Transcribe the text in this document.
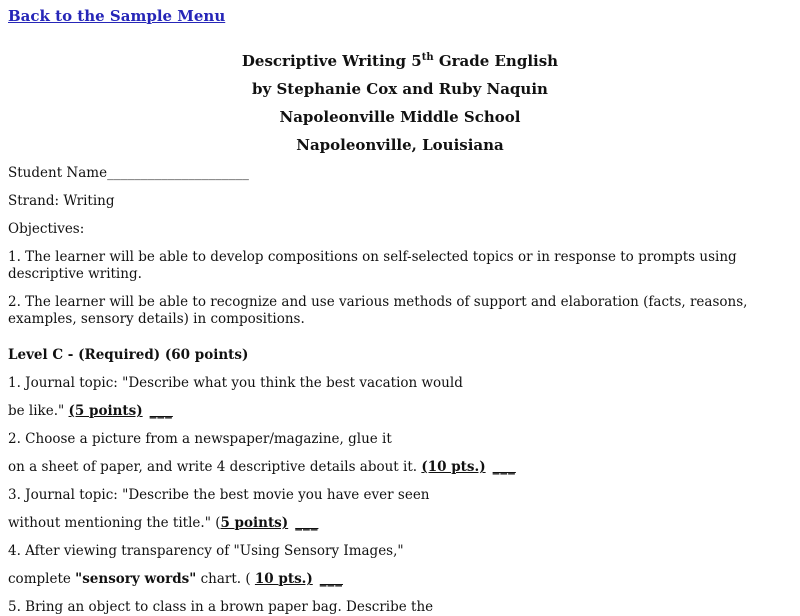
Back to the Sample Menu

Descriptive Writing 5th Grade English

by Stephanie Cox and Ruby Naquin

Napoleonville Middle School

Napoleonville, Louisiana

Student Name_____________________

Strand: Writing

Objectives:

1. The learner will be able to develop compositions on self-selected topics or in response to prompts using descriptive writing.

2. The learner will be able to recognize and use various methods of support and elaboration (facts, reasons, examples, sensory details) in compositions.

Level C - (Required) (60 points)

1. Journal topic: "Describe what you think the best vacation would

be like." (5 points) ___

2. Choose a picture from a newspaper/magazine, glue it

on a sheet of paper, and write 4 descriptive details about it. (10 pts.) ___

3. Journal topic: "Describe the best movie you have ever seen

without mentioning the title." (5 points) ___

4. After viewing transparency of "Using Sensory Images,"

complete "sensory words" chart. ( 10 pts.) ___

5. Bring an object to class in a brown paper bag. Describe the
